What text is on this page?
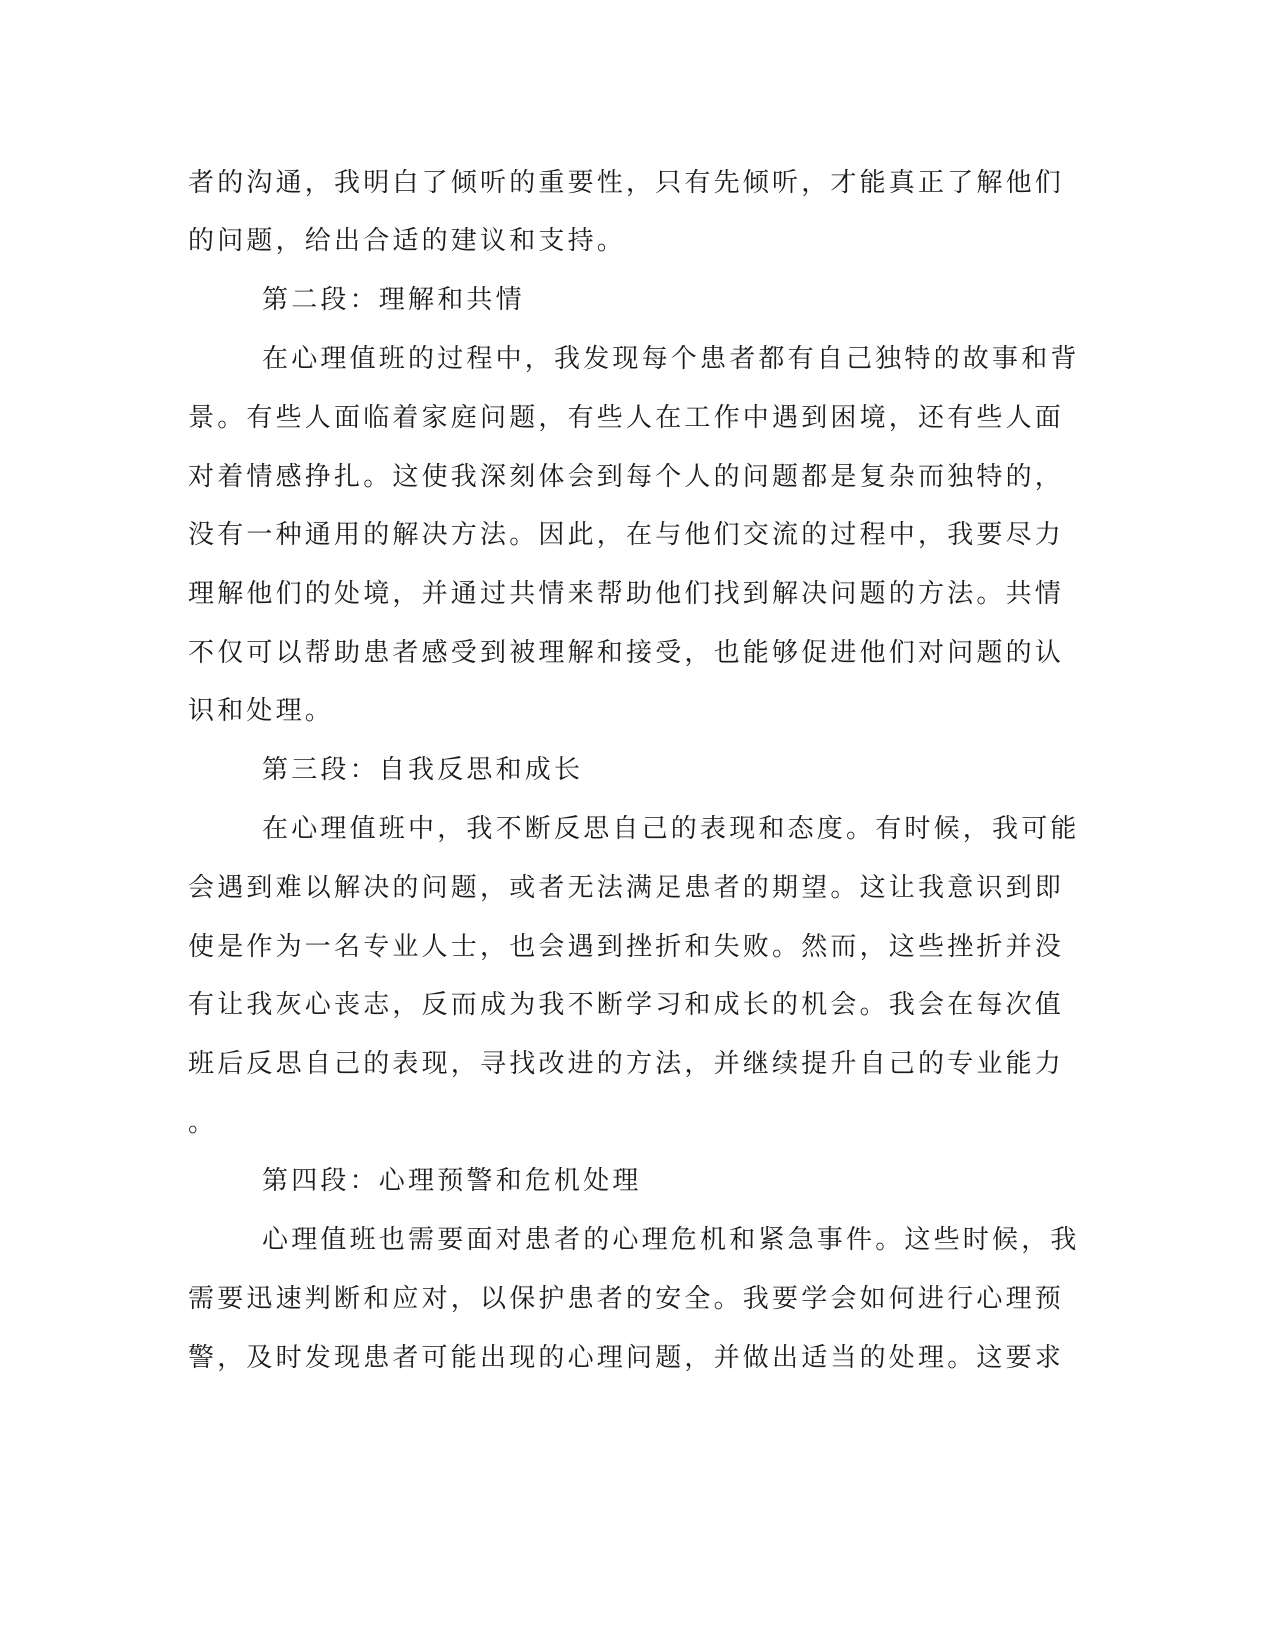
者的沟通，我明白了倾听的重要性，只有先倾听，才能真正了解他们
的问题，给出合适的建议和支持。
第二段：理解和共情
在心理值班的过程中，我发现每个患者都有自己独特的故事和背
景。有些人面临着家庭问题，有些人在工作中遇到困境，还有些人面
对着情感挣扎。这使我深刻体会到每个人的问题都是复杂而独特的，
没有一种通用的解决方法。因此，在与他们交流的过程中，我要尽力
理解他们的处境，并通过共情来帮助他们找到解决问题的方法。共情
不仅可以帮助患者感受到被理解和接受，也能够促进他们对问题的认
识和处理。
第三段：自我反思和成长
在心理值班中，我不断反思自己的表现和态度。有时候，我可能
会遇到难以解决的问题，或者无法满足患者的期望。这让我意识到即
使是作为一名专业人士，也会遇到挫折和失败。然而，这些挫折并没
有让我灰心丧志，反而成为我不断学习和成长的机会。我会在每次值
班后反思自己的表现，寻找改进的方法，并继续提升自己的专业能力
。
第四段：心理预警和危机处理
心理值班也需要面对患者的心理危机和紧急事件。这些时候，我
需要迅速判断和应对，以保护患者的安全。我要学会如何进行心理预
警，及时发现患者可能出现的心理问题，并做出适当的处理。这要求
